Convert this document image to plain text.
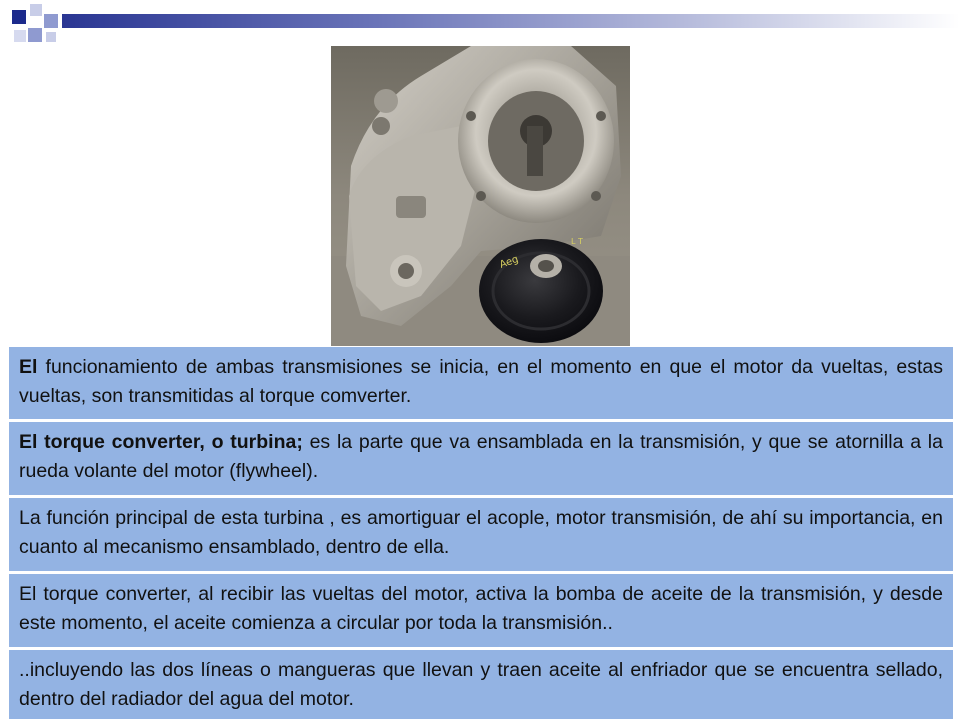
Aeg
L T
El funcionamiento de ambas transmisiones se inicia, en el momento en que el motor da vueltas, estas vueltas, son transmitidas al torque comverter.
El torque converter, o turbina; es la parte que va ensamblada en la transmisión, y que se atornilla a la rueda volante del motor (flywheel).
La función principal de esta turbina , es amortiguar el acople, motor transmisión, de ahí su importancia, en cuanto al mecanismo ensamblado, dentro de ella.
El torque converter, al recibir las vueltas del motor, activa la bomba de aceite de la transmisión, y desde este momento, el aceite comienza a circular por toda la transmisión..
..incluyendo las dos líneas o mangueras que llevan y traen aceite al enfriador que se encuentra sellado, dentro del radiador del agua del motor.
